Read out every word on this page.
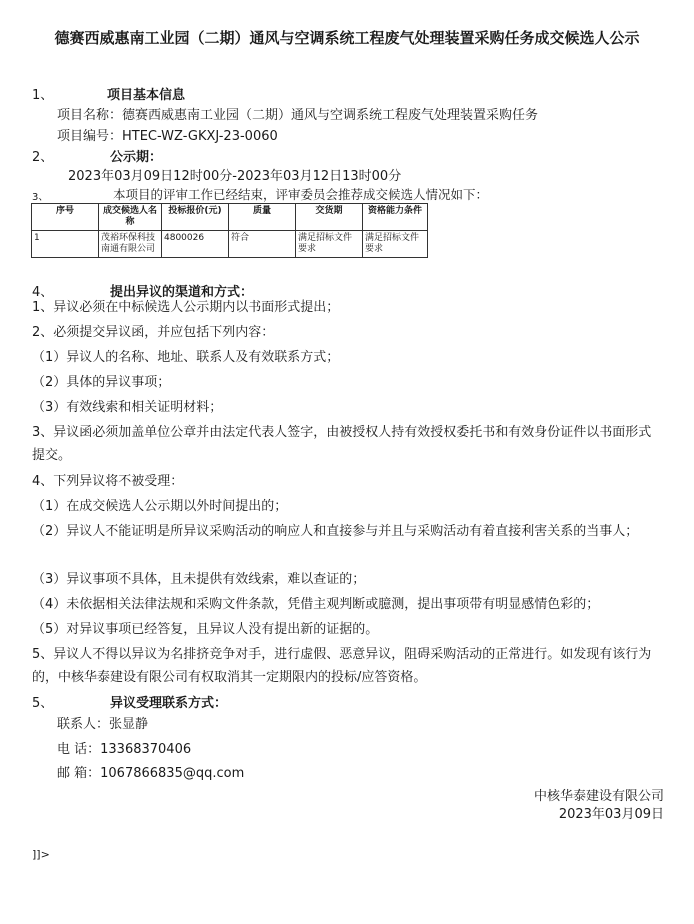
德赛西威惠南工业园（二期）通风与空调系统工程废气处理装置采购任务成交候选人公示
1、	项目基本信息
项目名称：德赛西威惠南工业园（二期）通风与空调系统工程废气处理装置采购任务
项目编号：HTEC-WZ-GKXJ-23-0060
2、	公示期：
2023年03月09日12时00分-2023年03月12日13时00分
3、	本项目的评审工作已经结束，评审委员会推荐成交候选人情况如下：
序号	成交候选人名称	投标报价(元)	质量	交货期	资格能力条件
1	茂裕环保科技南通有限公司	4800026	符合	满足招标文件要求	满足招标文件要求
4、	提出异议的渠道和方式：
1、异议必须在中标候选人公示期内以书面形式提出；
2、必须提交异议函，并应包括下列内容：
（1）异议人的名称、地址、联系人及有效联系方式；
（2）具体的异议事项；
（3）有效线索和相关证明材料；
3、异议函必须加盖单位公章并由法定代表人签字，由被授权人持有效授权委托书和有效身份证件以书面形式提交。
4、下列异议将不被受理：
（1）在成交候选人公示期以外时间提出的；
（2）异议人不能证明是所异议采购活动的响应人和直接参与并且与采购活动有着直接利害关系的当事人；
（3）异议事项不具体，且未提供有效线索，难以查证的；
（4）未依据相关法律法规和采购文件条款，凭借主观判断或臆测，提出事项带有明显感情色彩的；
（5）对异议事项已经答复，且异议人没有提出新的证据的。
5、异议人不得以异议为名排挤竞争对手，进行虚假、恶意异议，阻碍采购活动的正常进行。如发现有该行为的，中核华泰建设有限公司有权取消其一定期限内的投标/应答资格。
5、	异议受理联系方式：
联系人：张显静
电 话：13368370406
邮 箱：1067866835@qq.com
中核华泰建设有限公司
2023年03月09日
]]>
